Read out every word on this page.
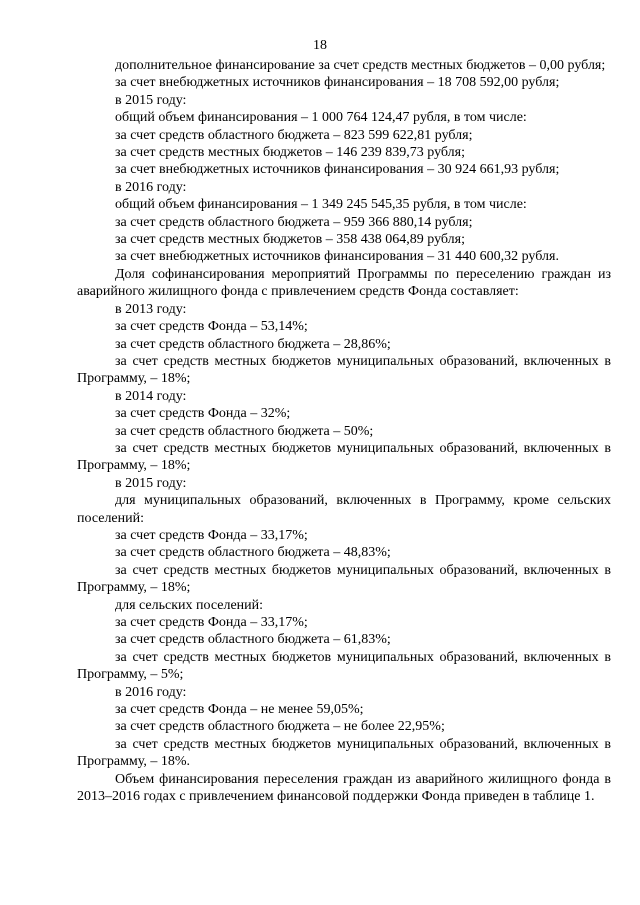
18

дополнительное финансирование за счет средств местных бюджетов – 0,00 рубля;

за счет внебюджетных источников финансирования – 18 708 592,00 рубля;

в 2015 году:

общий объем финансирования – 1 000 764 124,47 рубля, в том числе:

за счет средств областного бюджета – 823 599 622,81 рубля;

за счет средств местных бюджетов – 146 239 839,73 рубля;

за счет внебюджетных источников финансирования – 30 924 661,93 рубля;

в 2016 году:

общий объем финансирования – 1 349 245 545,35 рубля, в том числе:

за счет средств областного бюджета – 959 366 880,14 рубля;

за счет средств местных бюджетов – 358 438 064,89 рубля;

за счет внебюджетных источников финансирования – 31 440 600,32 рубля.

Доля софинансирования мероприятий Программы по переселению граждан из аварийного жилищного фонда с привлечением средств Фонда составляет:

в 2013 году:

за счет средств Фонда – 53,14%;

за счет средств областного бюджета – 28,86%;

за счет средств местных бюджетов муниципальных образований, включенных в Программу, – 18%;

в 2014 году:

за счет средств Фонда – 32%;

за счет средств областного бюджета – 50%;

за счет средств местных бюджетов муниципальных образований, включенных в Программу, – 18%;

в 2015 году:

для муниципальных образований, включенных в Программу, кроме сельских поселений:

за счет средств Фонда – 33,17%;

за счет средств областного бюджета – 48,83%;

за счет средств местных бюджетов муниципальных образований, включенных в Программу, – 18%;

для сельских поселений:

за счет средств Фонда – 33,17%;

за счет средств областного бюджета – 61,83%;

за счет средств местных бюджетов муниципальных образований, включенных в Программу, – 5%;

в 2016 году:

за счет средств Фонда – не менее 59,05%;

за счет средств областного бюджета – не более 22,95%;

за счет средств местных бюджетов муниципальных образований, включенных в Программу, – 18%.

Объем финансирования переселения граждан из аварийного жилищного фонда в 2013–2016 годах с привлечением финансовой поддержки Фонда приведен в таблице 1.
